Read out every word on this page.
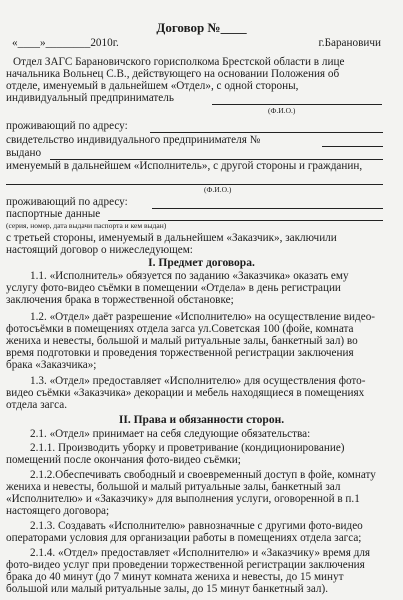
Договор №____
«____»________2010г.	г.Барановичи
Отдел ЗАГС Барановичского горисполкома Брестской области в лице
начальника Вольнец С.В., действующего на основании Положения об
отделе, именуемый в дальнейшем «Отдел», с одной стороны,
индивидуальный предприниматель
(Ф.И.О.)
проживающий по адресу:
свидетельство индивидуального предпринимателя №
выдано
именуемый в дальнейшем «Исполнитель», с другой стороны и гражданин,
(Ф.И.О.)
проживающий по адресу:
паспортные данные
(серия, номер, дата выдачи паспорта и кем выдан)
с третьей стороны, именуемый в дальнейшем «Заказчик», заключили
настоящий договор о нижеследующем:
I. Предмет договора.
1.1. «Исполнитель» обязуется по заданию «Заказчика» оказать ему
услугу фото-видео съёмки в помещении «Отдела» в день регистрации
заключения брака в торжественной обстановке;
1.2. «Отдел» даёт разрешение «Исполнителю» на осуществление видео-
фотосъёмки в помещениях отдела загса ул.Советская 100 (фойе, комната
жениха и невесты, большой и малый ритуальные залы, банкетный зал) во
время подготовки и проведения торжественной регистрации заключения
брака «Заказчика»;
1.3. «Отдел» предоставляет «Исполнителю» для осуществления фото-
видео съёмки «Заказчика» декорации и мебель находящиеся в помещениях
отдела загса.
II. Права и обязанности сторон.
2.1. «Отдел» принимает на себя следующие обязательства:
2.1.1. Производить уборку и проветривание (кондиционирование)
помещений после окончания фото-видео съёмки;
2.1.2.Обеспечивать свободный и своевременный доступ в фойе, комнату
жениха и невесты, большой и малый ритуальные залы, банкетный зал
«Исполнителю» и «Заказчику» для выполнения услуги, оговоренной в п.1
настоящего договора;
2.1.3. Создавать «Исполнителю» равнозначные с другими фото-видео
операторами условия для организации работы в помещениях отдела загса;
2.1.4. «Отдел» предоставляет «Исполнителю» и «Заказчику» время для
фото-видео услуг при проведении торжественной регистрации заключения
брака до 40 минут (до 7 минут комната жениха и невесты, до 15 минут
большой или малый ритуальные залы, до 15 минут банкетный зал).
